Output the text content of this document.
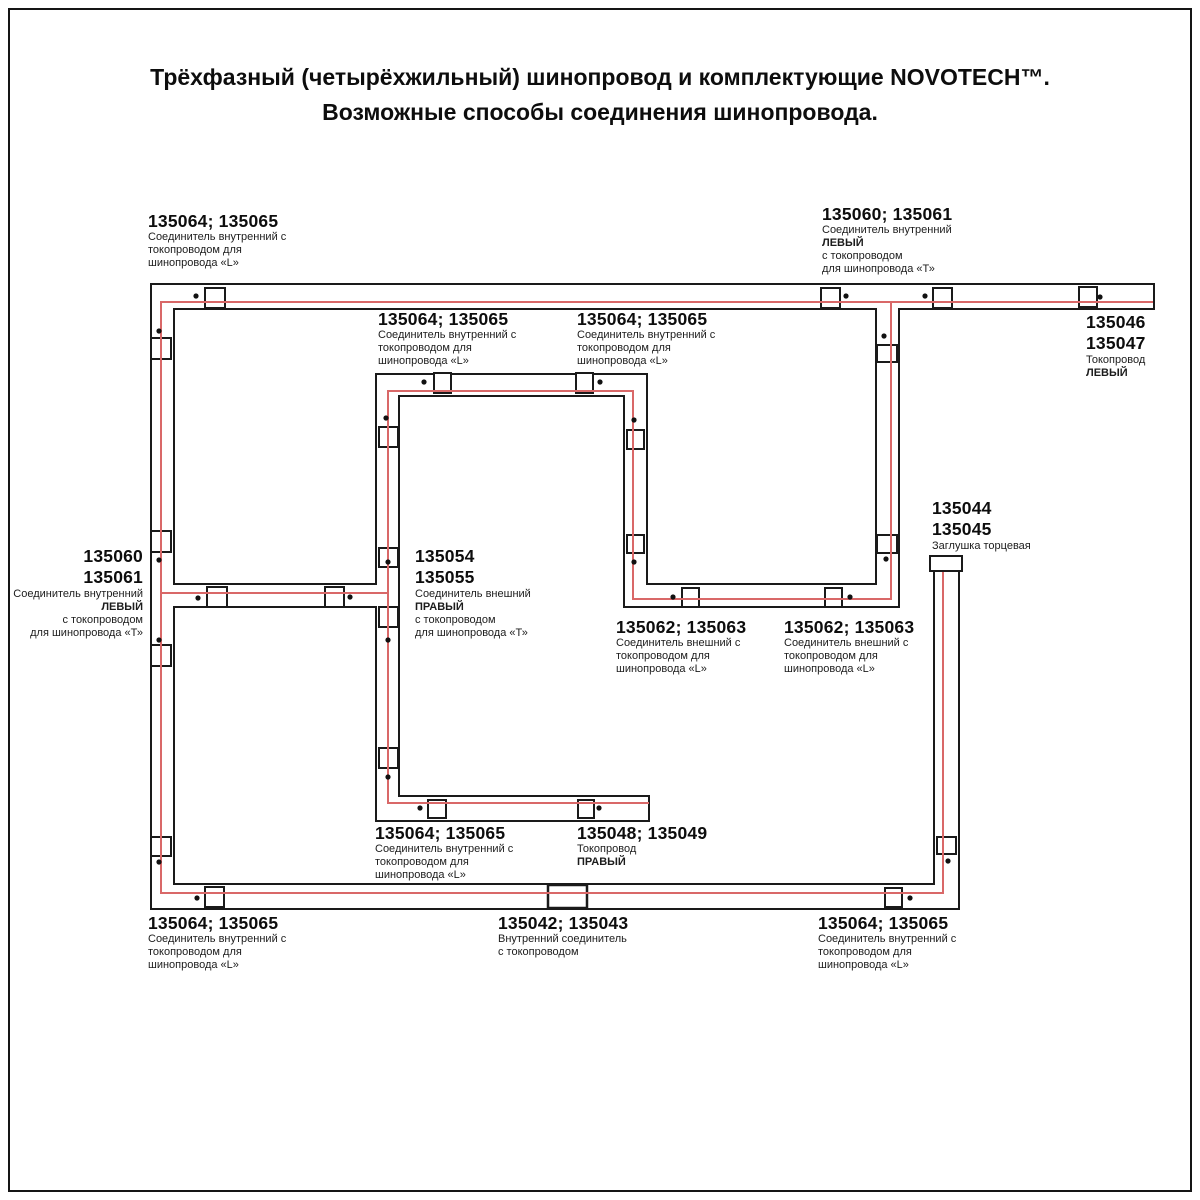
Трёхфазный (четырёхжильный) шинопровод и комплектующие NOVOTECH™.
Возможные способы соединения шинопровода.
135064; 135065
Соединитель внутренний с
токопроводом для
шинопровода «L»
135060; 135061
Соединитель внутренний
ЛЕВЫЙ
с токопроводом
для шинопровода «Т»
135046
135047
Токопровод
ЛЕВЫЙ
135064; 135065
Соединитель внутренний с
токопроводом для
шинопровода «L»
135064; 135065
Соединитель внутренний с
токопроводом для
шинопровода «L»
135060
135061
Соединитель внутренний
ЛЕВЫЙ
с токопроводом
для шинопровода «Т»
135054
135055
Соединитель внешний
ПРАВЫЙ
с токопроводом
для шинопровода «Т»
135044
135045
Заглушка торцевая
135062; 135063
Соединитель внешний с
токопроводом для
шинопровода «L»
135062; 135063
Соединитель внешний с
токопроводом для
шинопровода «L»
135064; 135065
Соединитель внутренний с
токопроводом для
шинопровода «L»
135048; 135049
Токопровод
ПРАВЫЙ
135064; 135065
Соединитель внутренний с
токопроводом для
шинопровода «L»
135042; 135043
Внутренний соединитель
с токопроводом
135064; 135065
Соединитель внутренний с
токопроводом для
шинопровода «L»
